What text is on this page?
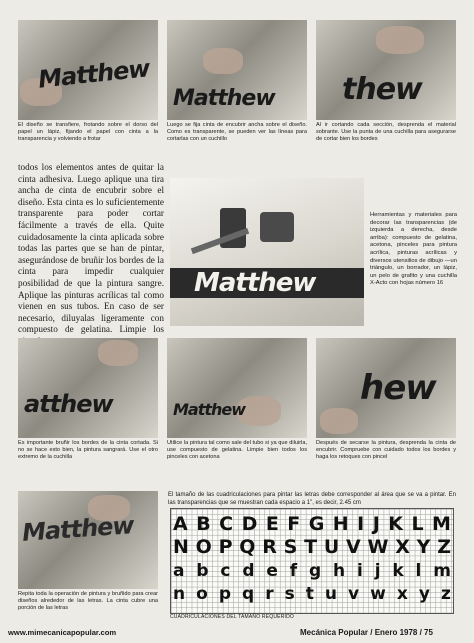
Matthew
Matthew thew
El diseño se transfiere, frotando sobre el dorso del papel un lápiz, fijando el papel con cinta a la transparencia y volviendo a frotar
Luego se fija cinta de encubrir ancha sobre el diseño. Como es transparente, se pueden ver las líneas para cortarlas con un cuchillo
Al ir cortando cada sección, desprenda el material sobrante. Use la punta de una cuchilla para asegurarse de cortar bien los bordes
todos los elementos antes de quitar la cinta adhesiva. Luego aplique una tira ancha de cinta de encubrir sobre el diseño. Esta cinta es lo suficientemente transparente para poder cortar fácilmente a través de ella. Quite cuidadosamente la cinta aplicada sobre todas las partes que se han de pintar, asegurándose de bruñir los bordes de la cinta para impedir cualquier posibilidad de que la pintura sangre. Aplique las pinturas acrílicas tal como vienen en sus tubos. En caso de ser necesario, diluyalas ligeramente con compuesto de gelatina. Limpie los
Matthew
Herramientas y materiales para decorar las transparencias (de izquierda a derecha, desde arriba): compuesto de gelatina, acetona, pinceles para pintura acrílica, pinturas acrílicas y diversos utensilios de dibujo —un triángulo, un borrador, un lápiz, un pelo de grafito y una cuchilla X-Acto con hojas número 16
atthew	Matthew
hew
Es importante bruñir los bordes de la cinta cortada. Si no se hace esto bien, la pintura sangrará. Use el otro extremo de la cuchilla
Utilice la pintura tal como sale del tubo si ya que diluirla, use compuesto de gelatina. Limpie bien todos los pinceles con acetona
Después de secarse la pintura, desprenda la cinta de encubrir. Compruebe con cuidado todos los bordes y haga los retoques con pincel
Matthew
Repita toda la operación de pintura y bruñido para crear diseños alrededor de las letras. La cinta cubre una porción de las letras
El tamaño de las cuadriculaciones para pintar las letras debe corresponder al área que se va a pintar. En las transparencias que se muestran cada espacio a 1", es decir, 2.45 cm
A B C D E F G H I J K L M
N O P Q R S T U V W X Y Z
a b c d e f g h i j k l m
n o p q r s t u v w x y z
CUADRICULACIONES DEL TAMAÑO REQUERIDO
www.mimecanicapopular.com	Mecánica Popular / Enero 1978 / 75
